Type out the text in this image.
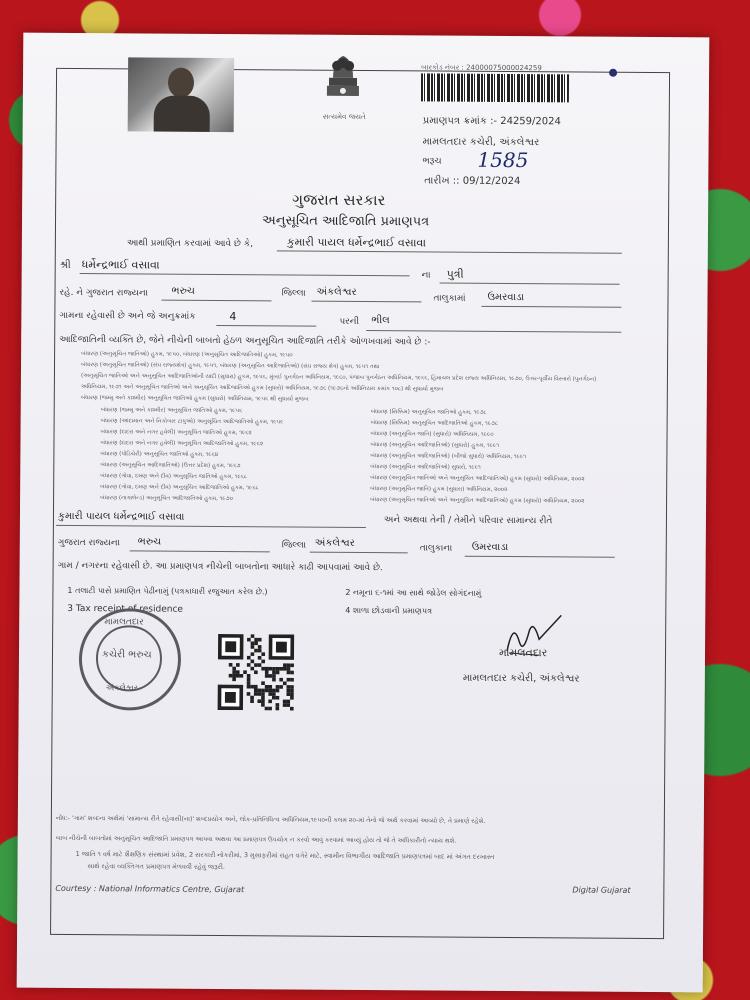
સત્યમેવ જયતે
બારકોડ નંબર : 24000075000024259
પ્રમાણપત્ર ક્રમાંક :- 24259/2024
મામલતદાર કચેરી, અંકલેશ્વર
ભરૂચ 1585
તારીખ :: 09/12/2024
ગુજરાત સરકાર
અનુસૂચિત આદિજાતિ પ્રમાણપત્ર
આથી પ્રમાણિત કરવામાં આવે છે કે,	કુમારી પાયલ ધર્મેન્દ્રભાઈ વસાવા
શ્રી ધર્મેન્દ્રભાઈ વસાવા
ના પુત્રી
રહે. ને ગુજરાત રાજ્યના ભરુચ	જિલ્લા અંકલેશ્વર
તાલુકામાં ઉમરવાડા
ગામના રહેવાસી છે અને જે અનુક્રમાંક	4	પરની ભીલ
આદિજાતિની વ્યક્તિ છે, જેને નીચેની બાબતો હેઠળ અનુસૂચિત આદિજાતિ તરીકે ઓળખવામાં આવે છે :-
બંધારણ (અનુસૂચિત જાતિઓ) હુકમ, ૧૯૫૦, બંધારણ (અનુસૂચિત આદિજાતિઓ) હુકમ, ૧૯૫૦
બંધારણ (અનુસૂચિત જાતિઓ) (સંઘ રાજ્યક્ષેત્ર) હુકમ, ૧૯૫૧, બંધારણ (અનુસૂચિત આદિજાતિઓ) (સંઘ રાજ્ય ક્ષેત્ર) હુકમ, ૧૯૫૧ તથા
(અનુસૂચિત જાતિઓ અને અનુસૂચિત આદિજાતિઓની યાદી (સુધારા) હુકમ, ૧૯૫૬, મુંબઈ પુનર્ગઠન અધિનિયમ, ૧૯૬૦, પંજાબ પુનર્ગઠન અધિનિયમ, ૧૯૬૬, હિમાચલ પ્રદેશ રાજ્ય અધિનિયમ, ૧૯૭૦, ઉત્તર-પૂર્વીય વિસ્તારો (પુનર્ગઠન)
અધિનિયમ, ૧૯૭૧ અને અનુસૂચિત જાતિઓ અને અનુસૂચિત આદિજાતિઓ હુકમ (સુધારો) અધિનિયમ, ૧૯૭૬ (૧૯૭૬નો અધિનિયમ ક્રમાંક ૧૦૮) થી સુધાર્યા મુજબ
બંધારણ (જમ્મુ અને કાશ્મીર) અનુસૂચિત જાતિઓ હુકમ (સુધારો) અધિનિયમ, ૧૯૫૬ થી સુધાર્યા મુજબ
બંધારણ (જમ્મુ અને કાશ્મીર) અનુસૂચિત જાતિઓ હુકમ, ૧૯૫૬
બંધારણ (આંદામાન અને નિકોબાર ટાપુઓ) અનુસૂચિત આદિજાતિઓ હુકમ, ૧૯૫૯
બંધારણ (દાદરા અને નગર હવેલી) અનુસૂચિત જાતિઓ હુકમ, ૧૯૬૨
બંધારણ (દાદરા અને નગર હવેલી) અનુસૂચિત આદિજાતિઓ હુકમ, ૧૯૬૨
બંધારણ (પોંડિચેરી) અનુસૂચિત જાતિઓ હુકમ, ૧૯૬૪
બંધારણ (અનુસૂચિત આદિજાતિઓ) (ઉત્તર પ્રદેશ) હુકમ, ૧૯૬૭
બંધારણ (ગોવા, દમણ અને દીવ) અનુસૂચિત જાતિઓ હુકમ, ૧૯૬૮
બંધારણ (ગોવા, દમણ અને દીવ) અનુસૂચિત આદિજાતિઓ હુકમ, ૧૯૬૮
બંધારણ (નાગાલેન્ડ) અનુસૂચિત આદિજાતિઓ હુકમ, ૧૯૭૦
બંધારણ (સિક્કિમ) અનુસૂચિત જાતિઓ હુકમ, ૧૯૭૮
બંધારણ (સિક્કિમ) અનુસૂચિત આદિજાતિઓ હુકમ, ૧૯૭૮
બંધારણ (અનુસૂચિત જાતિ) (સુધારો) અધિનિયમ, ૧૯૯૦
બંધારણ (અનુસૂચિત આદિજાતિઓ) (સુધારો) હુકમ, ૧૯૯૧
બંધારણ (અનુસૂચિત આદિજાતિઓ) (બીજો સુધારો) અધિનિયમ, ૧૯૯૧
બંધારણ (અનુસૂચિત આદિજાતિઓ) સુધારો, ૧૯૯૧
બંધારણ (અનુસૂચિત જાતિઓ અને અનુસૂચિત આદિજાતિઓ) હુકમ (સુધારો) અધિનિયમ, ૨૦૦૨
બંધારણ (અનુસૂચિત જાતિ) હુકમ (સુધારા) અધિનિયમ, ૨૦૦૨
બંધારણ (અનુસૂચિત જાતિઓ અને અનુસૂચિત આદિજાતિઓ) હુકમ (સુધારો) અધિનિયમ, ૨૦૦૨
કુમારી પાયલ ધર્મેન્દ્રભાઈ વસાવા	અને અથવા તેની / તેમીને પરિવાર સામાન્ય રીતે
ગુજરાત રાજ્યના ભરુચ	જિલ્લા અંકલેશ્વર	તાલુકાના ઉમરવાડા
ગામ / નગરના રહેવાસી છે. આ પ્રમાણપત્ર નીચેની બાબતોના આધારે કાઢી આપવામાં આવે છે.
1 તલાટી પાસે પ્રમાણિત પેઢીનામું (પત્રકાધારી રજુઆત કરેલ છે.)	2 નમૂના ૬-૧માં આ સાથે જોડેલ સોગંદનામું
3 Tax receipt of residence	4 શાળા છોડવાની પ્રમાણપત્ર
મામલતદાર
કચેરી ભરુચ
અંકલેશ્વર
મામલતદાર
મામલતદાર કચેરી, અંકલેશ્વર
નોંધ:- 'ગામ' શબ્દના અર્થમાં 'સામાન્ય રીતે રહેવાસી(ના)' શબ્દપ્રયોગ અને, લોક-પ્રતિનિધિત્વ અધિનિયમ,૧૯૫૦ની કલમ ૨૦-માં તેનો જે અર્થ કરવામાં આવ્યો છે, તે પ્રમાણે રહેશે.
બાબ નીચેની બાબતોમાં અનુસૂચિત આદિજાતિ પ્રમાણપત્ર આપવા અથવા આ પ્રમાણપત્ર ઉપયોગ ન કરવો આવું કરવામાં આવ્યું હોય તો જે તે અધિકારીનો ન્યાય થશે.
1 જાતિ ૧ વર્ષ માટે શૈક્ષણિક સંસ્થામાં પ્રવેશ, 2 સરકારી નોકરીમાં, 3 મુસાફરીમાં રાહત વગેરે માટે, સ્વામીન વિભાગીય આદિજાતિ પ્રમાણપત્રમાં બાદ માં અંગત દરખાસ્ત
સાથે રહેવા વ્યક્તિગત પ્રમાણપત્ર મેળવવી રહેવું જરૂરી.
Courtesy : National Informatics Centre, Gujarat	Digital Gujarat
